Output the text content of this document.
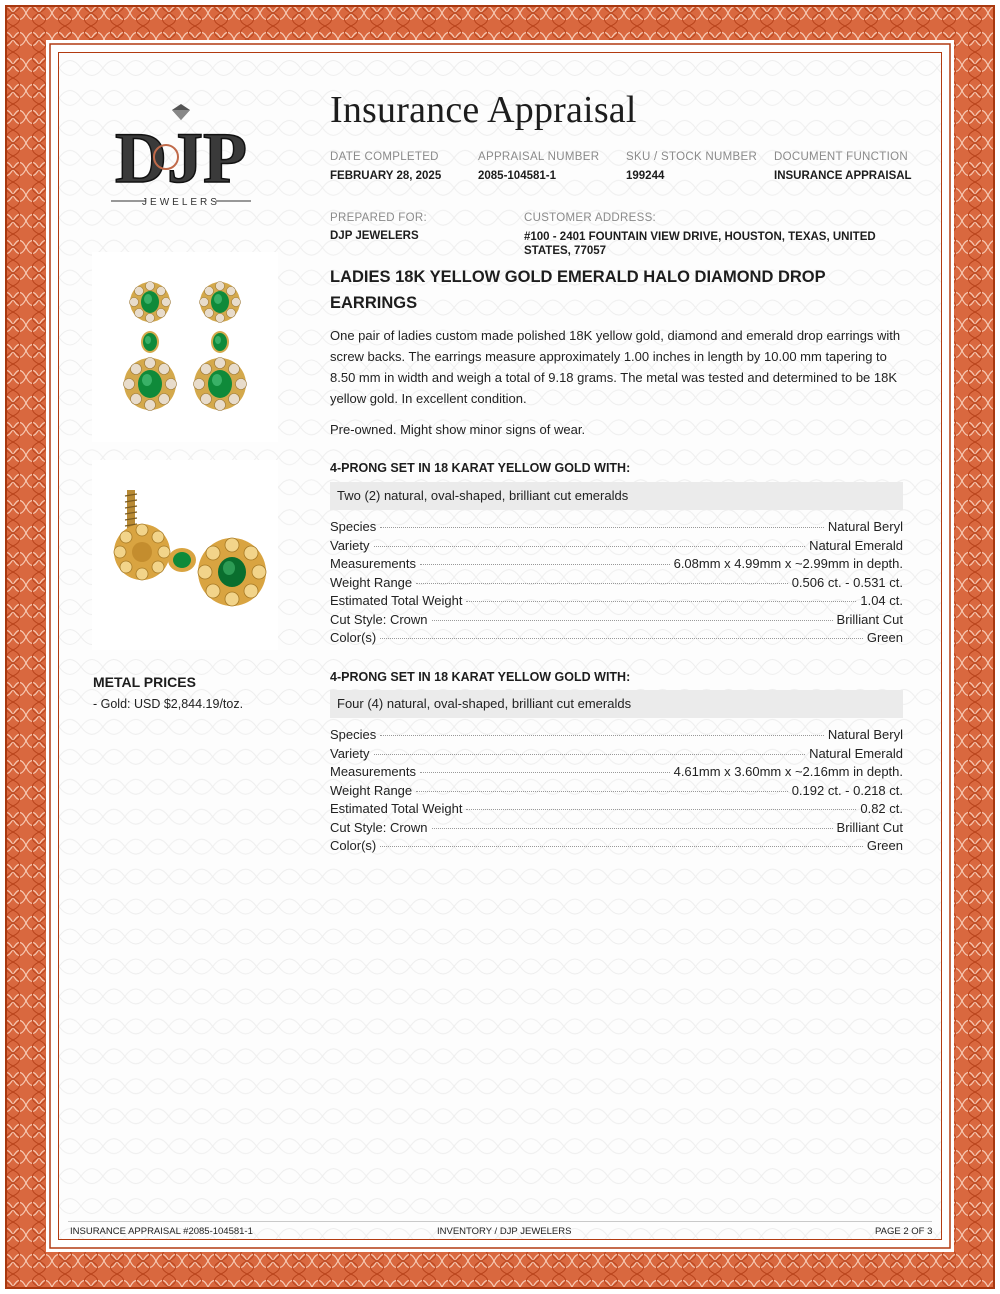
DJP
JEWELERS
Insurance Appraisal
DATE COMPLETED
FEBRUARY 28, 2025
APPRAISAL NUMBER
2085-104581-1
SKU / STOCK NUMBER
199244
DOCUMENT FUNCTION
INSURANCE APPRAISAL
PREPARED FOR:
DJP JEWELERS
CUSTOMER ADDRESS:
#100 - 2401 FOUNTAIN VIEW DRIVE, HOUSTON, TEXAS, UNITED STATES, 77057
METAL PRICES
- Gold: USD $2,844.19/toz.
LADIES 18K YELLOW GOLD EMERALD HALO DIAMOND DROP EARRINGS
One pair of ladies custom made polished 18K yellow gold, diamond and emerald drop earrings with screw backs. The earrings measure approximately 1.00 inches in length by 10.00 mm tapering to 8.50 mm in width and weigh a total of 9.18 grams. The metal was tested and determined to be 18K yellow gold. In excellent condition.
Pre-owned. Might show minor signs of wear.
4-PRONG SET IN 18 KARAT YELLOW GOLD WITH:
Two (2) natural, oval-shaped, brilliant cut emeralds
Species	Natural Beryl
Variety	Natural Emerald
Measurements	6.08mm x 4.99mm x ~2.99mm in depth.
Weight Range	0.506 ct. - 0.531 ct.
Estimated Total Weight	1.04 ct.
Cut Style: Crown	Brilliant Cut
Color(s)	Green
4-PRONG SET IN 18 KARAT YELLOW GOLD WITH:
Four (4) natural, oval-shaped, brilliant cut emeralds
Species	Natural Beryl
Variety	Natural Emerald
Measurements	4.61mm x 3.60mm x ~2.16mm in depth.
Weight Range	0.192 ct. - 0.218 ct.
Estimated Total Weight	0.82 ct.
Cut Style: Crown	Brilliant Cut
Color(s)	Green
INSURANCE APPRAISAL #2085-104581-1	INVENTORY / DJP JEWELERS	PAGE 2 OF 3
